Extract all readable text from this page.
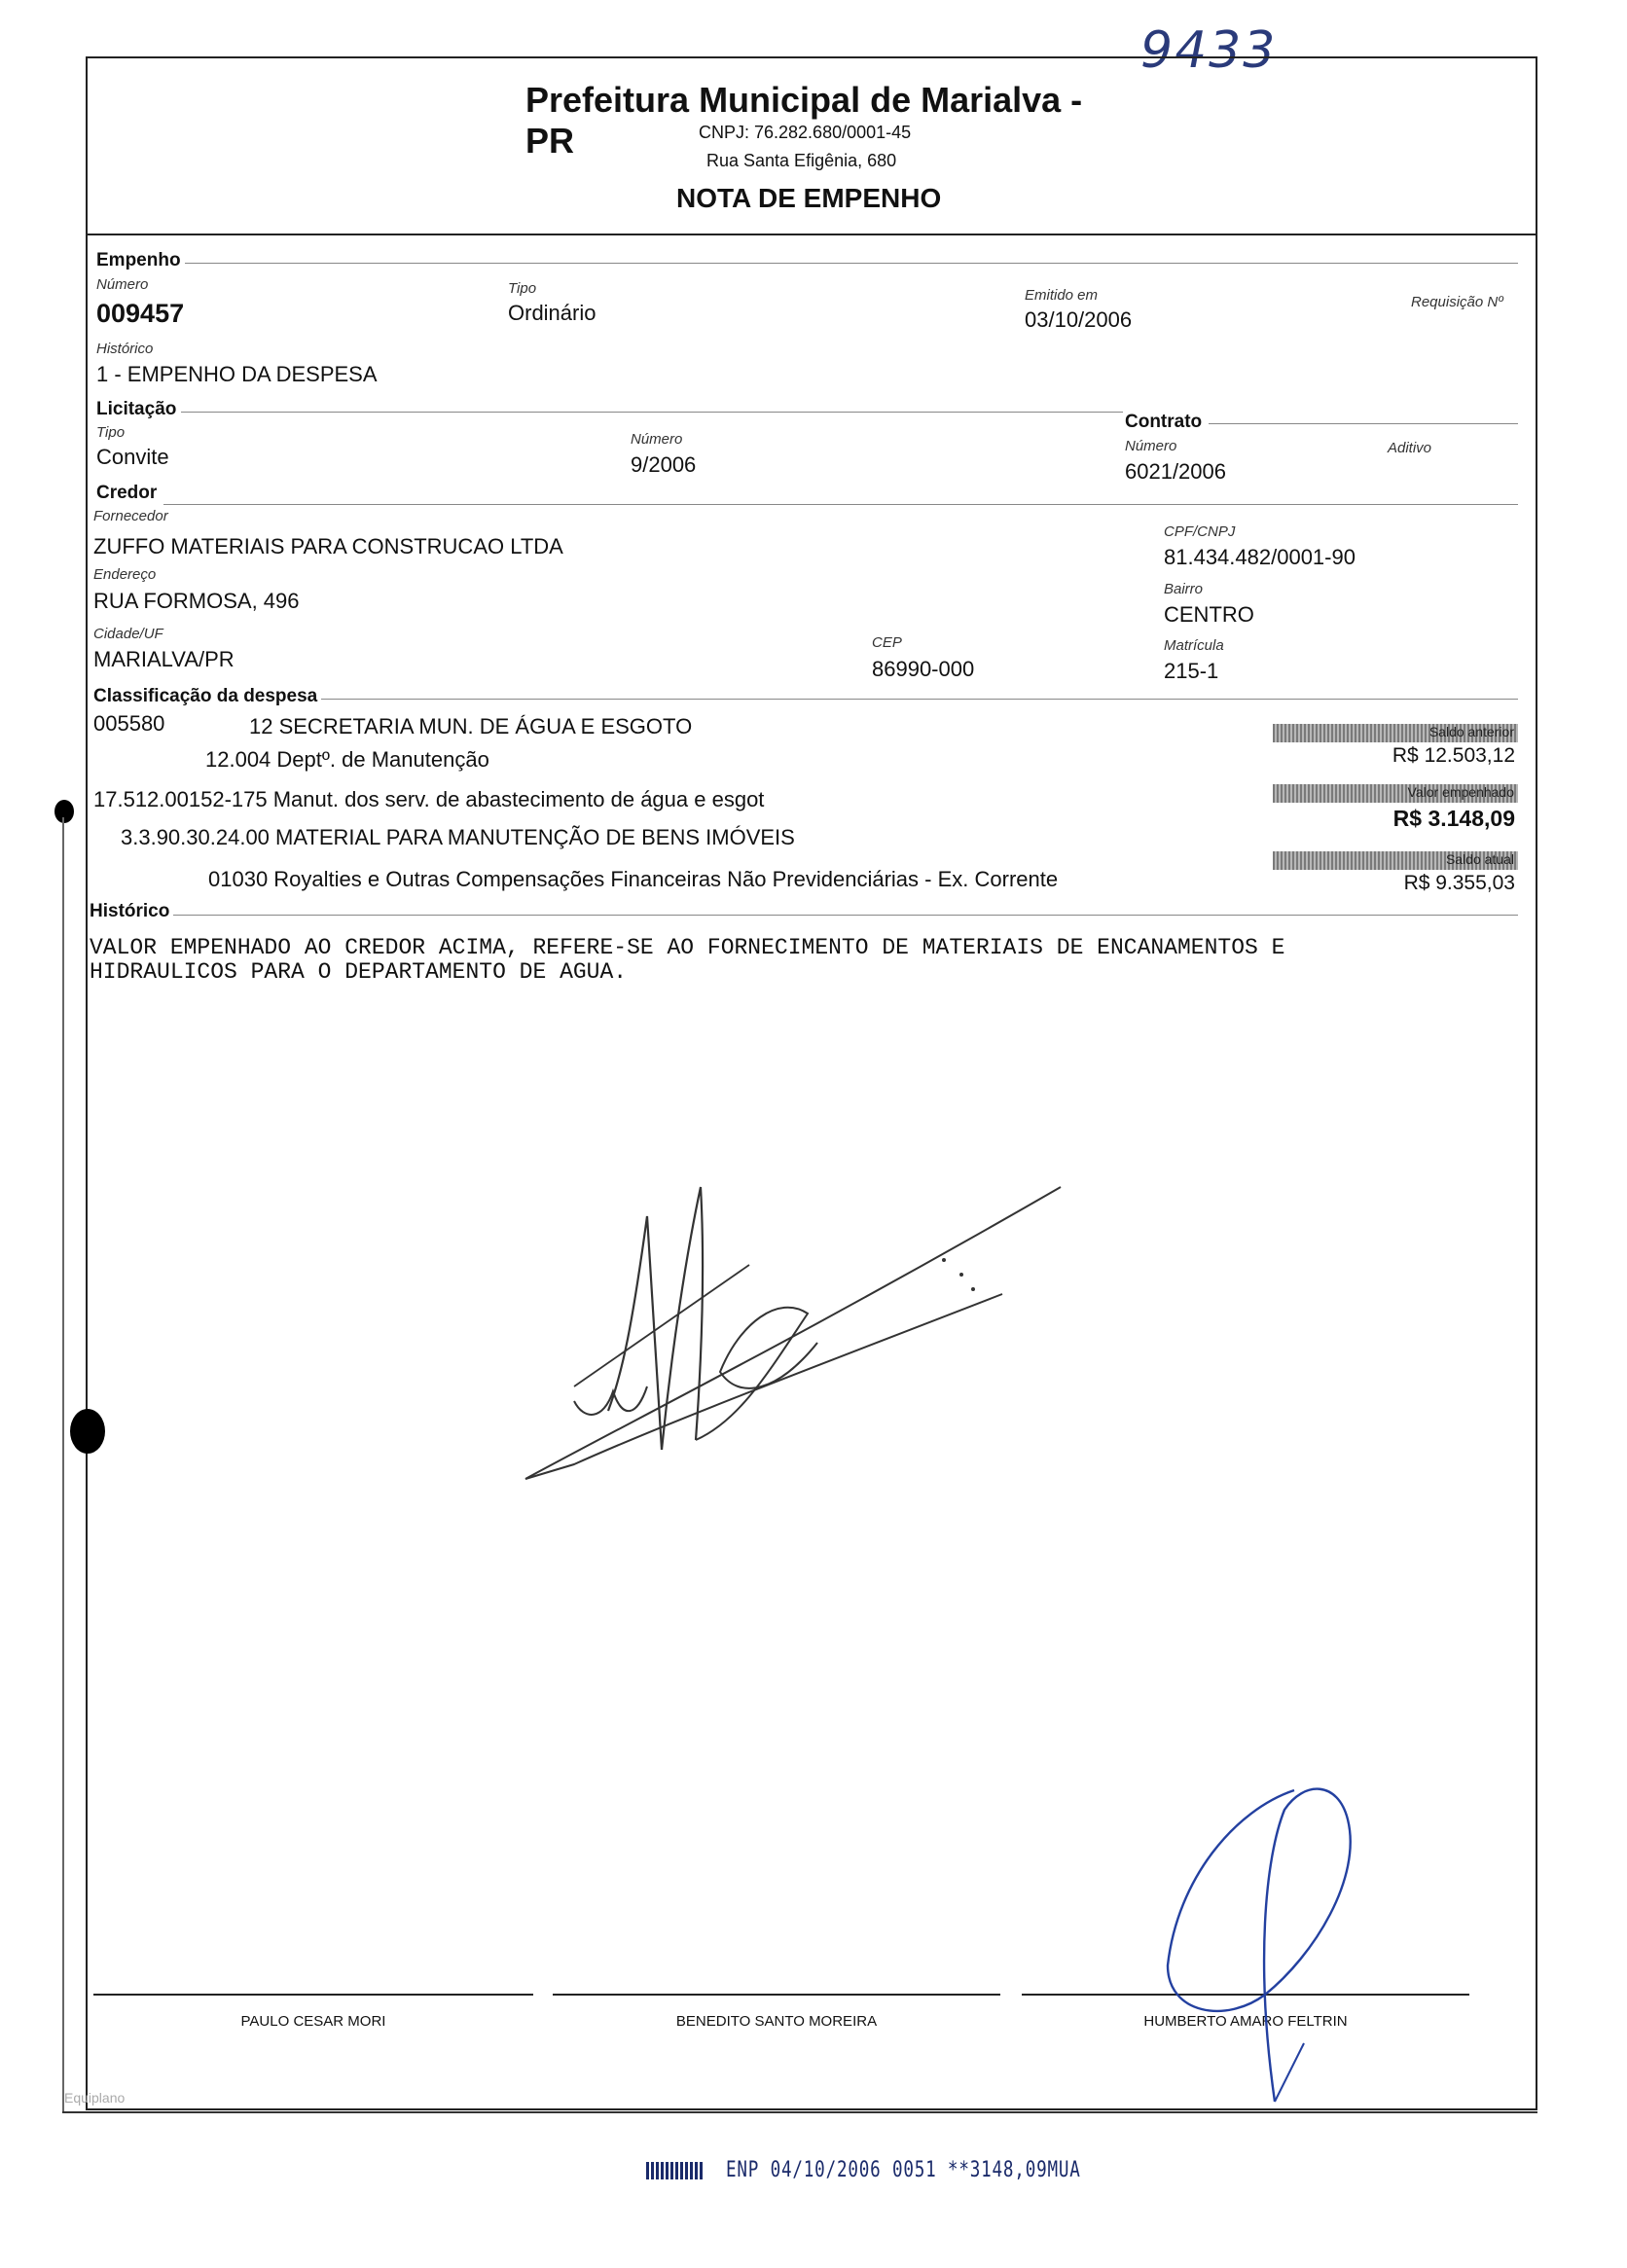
9433
Prefeitura Municipal de Marialva - PR	CNPJ: 76.282.680/0001-45
Rua Santa Efigênia, 680
NOTA DE EMPENHO
Empenho
Número
009457
Tipo
Ordinário
Emitido em
03/10/2006
Requisição Nº
Histórico
1 - EMPENHO DA DESPESA
Licitação
Tipo
Convite
Número
9/2006
Contrato
Número
6021/2006
Aditivo
Credor
Fornecedor
ZUFFO MATERIAIS PARA CONSTRUCAO LTDA
CPF/CNPJ
81.434.482/0001-90
Endereço
RUA FORMOSA, 496	Bairro
CENTRO
Cidade/UF
MARIALVA/PR
CEP
86990-000
Matrícula
215-1
Classificação da despesa
005580	12 SECRETARIA MUN. DE ÁGUA E ESGOTO
12.004 Deptº. de Manutenção
17.512.00152-175 Manut. dos serv. de abastecimento de água e esgot
3.3.90.30.24.00 MATERIAL PARA MANUTENÇÃO DE BENS IMÓVEIS
01030 Royalties e Outras Compensações Financeiras Não Previdenciárias - Ex. Corrente
Saldo anterior
R$ 12.503,12
Valor empenhado
R$ 3.148,09
Saldo atual
R$ 9.355,03
Histórico
VALOR EMPENHADO AO CREDOR ACIMA, REFERE-SE AO FORNECIMENTO DE MATERIAIS DE ENCANAMENTOS E
HIDRAULICOS PARA O DEPARTAMENTO DE AGUA.
PAULO CESAR MORI	BENEDITO SANTO MOREIRA	HUMBERTO AMARO FELTRIN
Equiplano
ENP 04/10/2006 0051 **3148,09MUA
